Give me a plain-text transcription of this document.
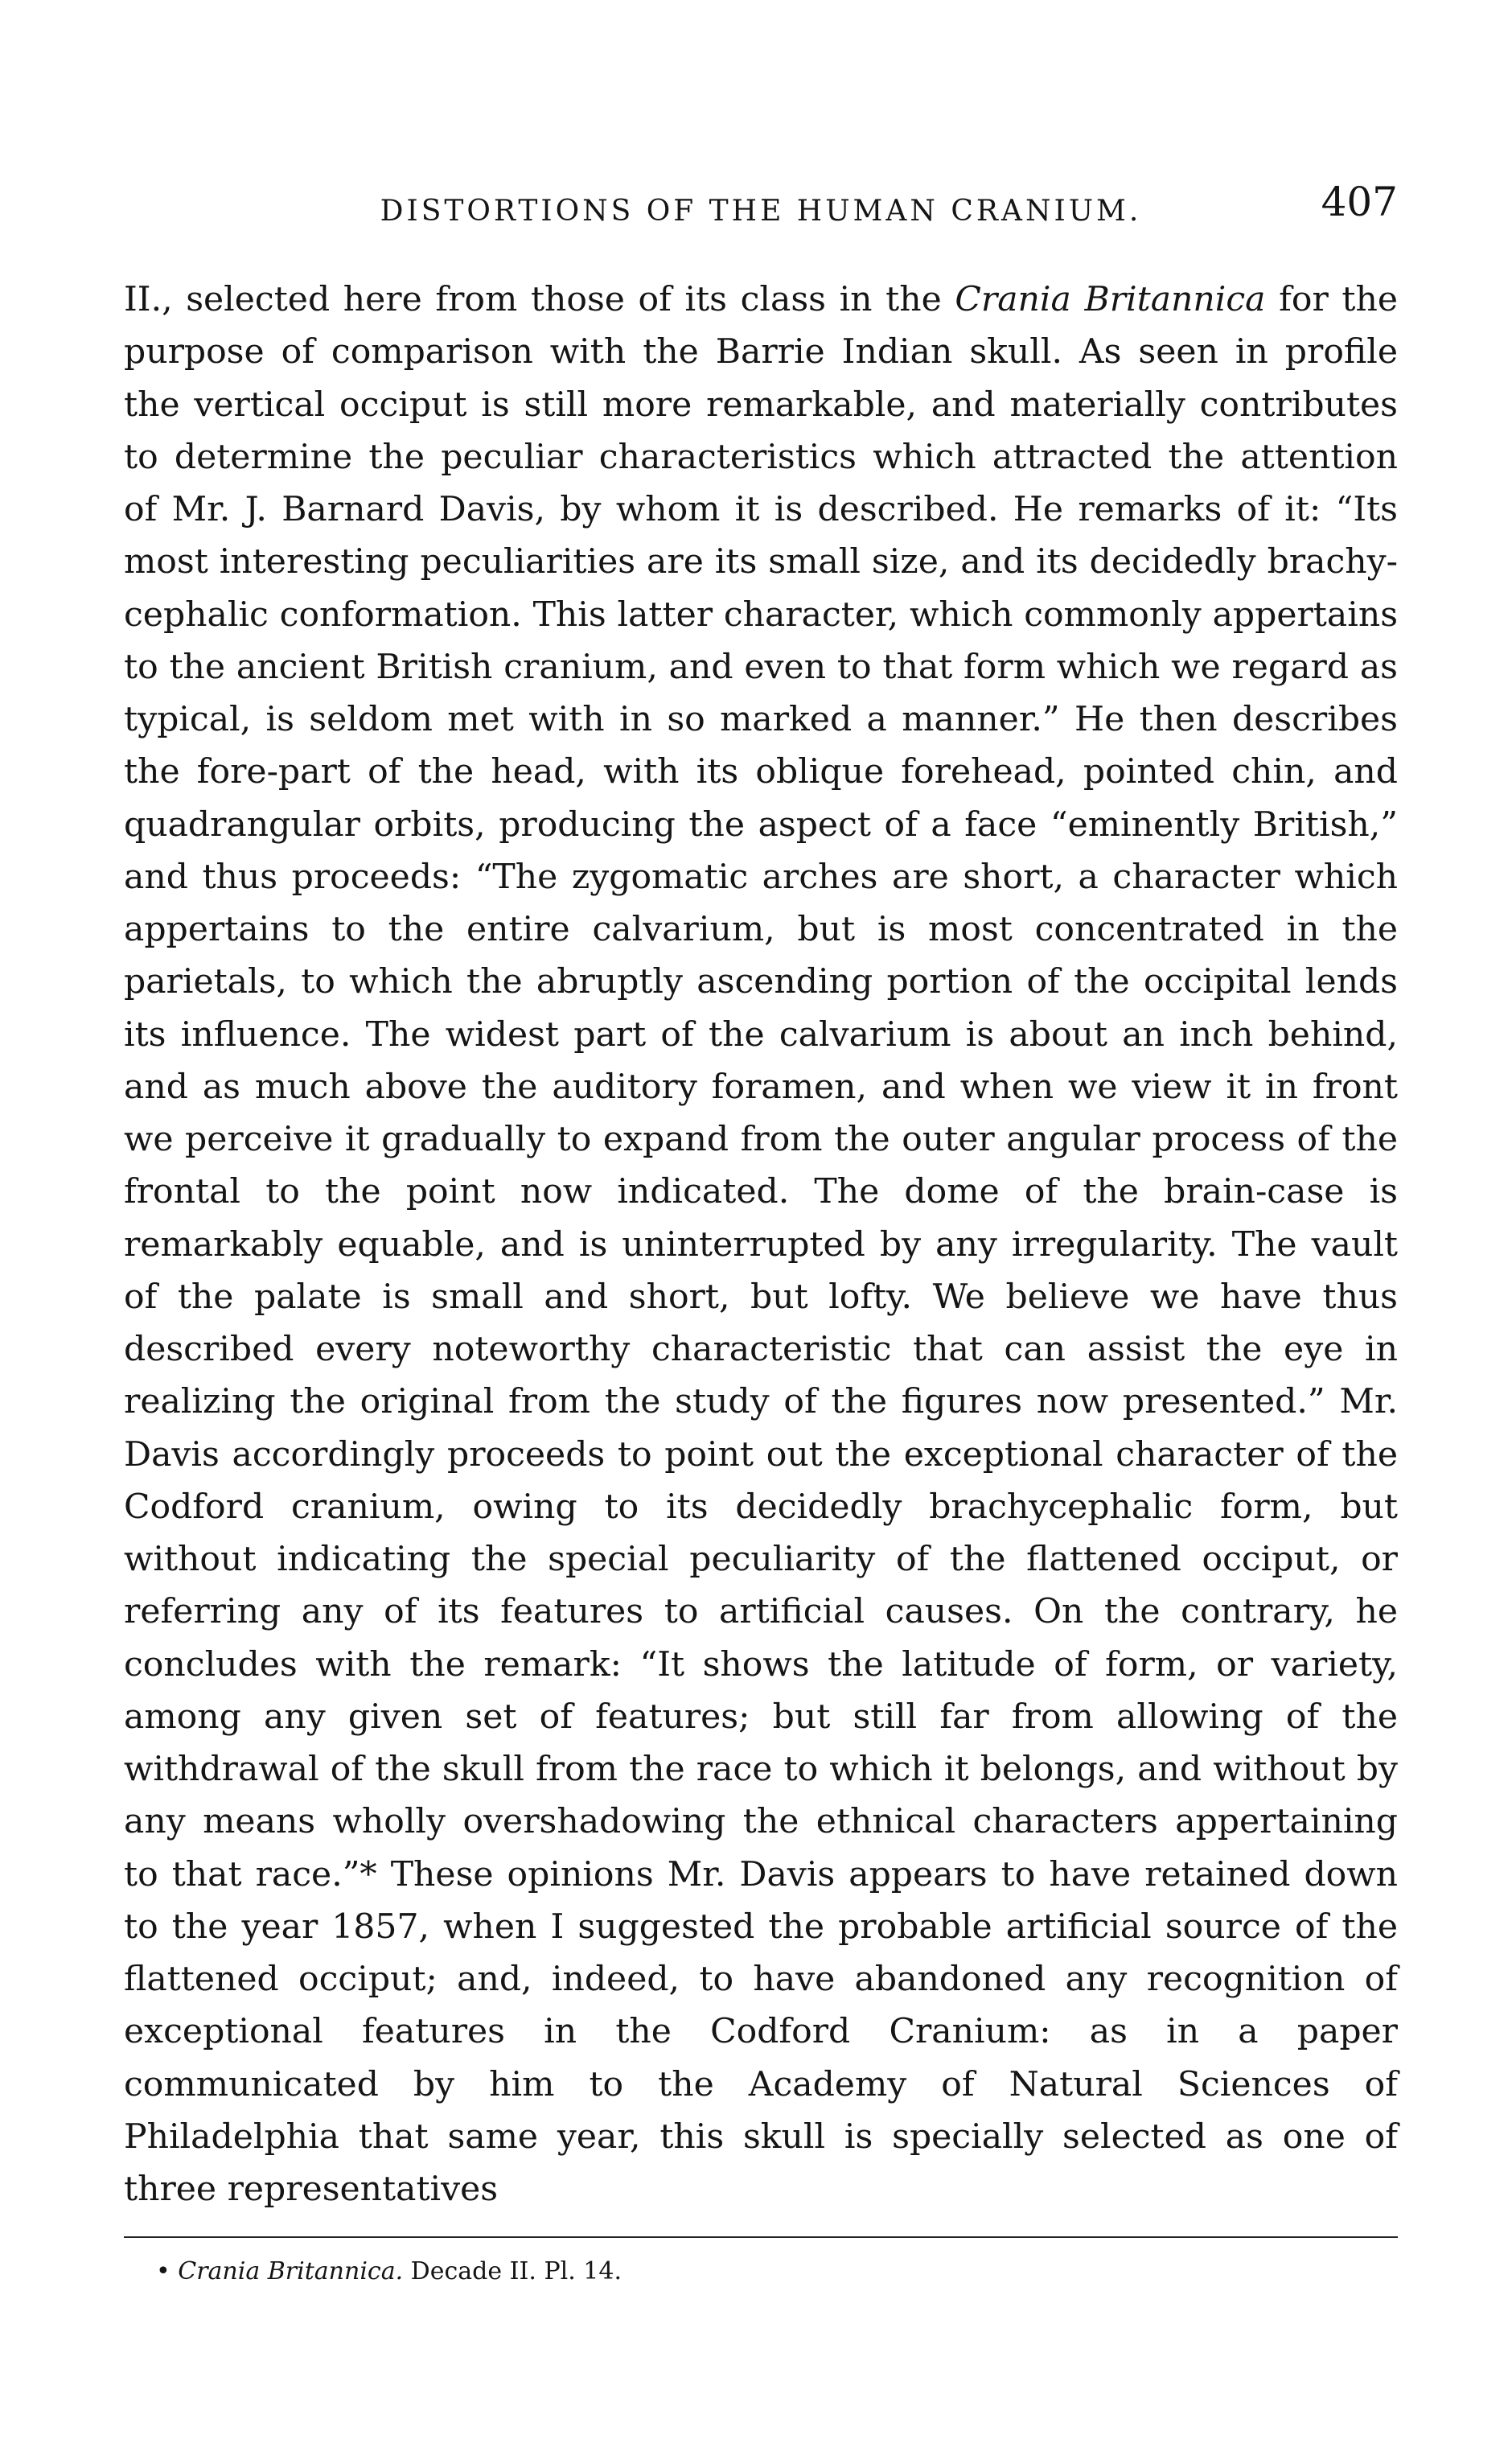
DISTORTIONS OF THE HUMAN CRANIUM.	407

II., selected here from those of its class in the Crania Britannica for the purpose of comparison with the Barrie Indian skull. As seen in profile the vertical occiput is still more remarkable, and materially contributes to determine the peculiar characteristics which attracted the attention of Mr. J. Barnard Davis, by whom it is described. He remarks of it: “Its most interesting peculiarities are its small size, and its decidedly brachy-cephalic conformation. This latter character, which commonly appertains to the ancient British cranium, and even to that form which we regard as typical, is seldom met with in so marked a manner.” He then describes the fore-part of the head, with its oblique forehead, pointed chin, and quadrangular orbits, producing the aspect of a face “eminently British,” and thus proceeds: “The zygomatic arches are short, a character which appertains to the entire calvarium, but is most concentrated in the parietals, to which the abruptly ascending portion of the occipital lends its influence. The widest part of the calvarium is about an inch behind, and as much above the auditory foramen, and when we view it in front we perceive it gradually to expand from the outer angular process of the frontal to the point now indicated. The dome of the brain-case is remarkably equable, and is uninterrupted by any irregularity. The vault of the palate is small and short, but lofty. We believe we have thus described every noteworthy characteristic that can assist the eye in realizing the original from the study of the figures now presented.” Mr. Davis accordingly proceeds to point out the exceptional character of the Codford cranium, owing to its decidedly brachycephalic form, but without indicating the special peculiarity of the flattened occiput, or referring any of its features to artificial causes. On the contrary, he concludes with the remark: “It shows the latitude of form, or variety, among any given set of features; but still far from allowing of the withdrawal of the skull from the race to which it belongs, and without by any means wholly overshadowing the ethnical characters appertaining to that race.”* These opinions Mr. Davis appears to have retained down to the year 1857, when I suggested the probable artificial source of the flattened occiput; and, indeed, to have abandoned any recognition of exceptional features in the Codford Cranium: as in a paper communicated by him to the Academy of Natural Sciences of Philadelphia that same year, this skull is specially selected as one of three representatives

• Crania Britannica. Decade II. Pl. 14.
